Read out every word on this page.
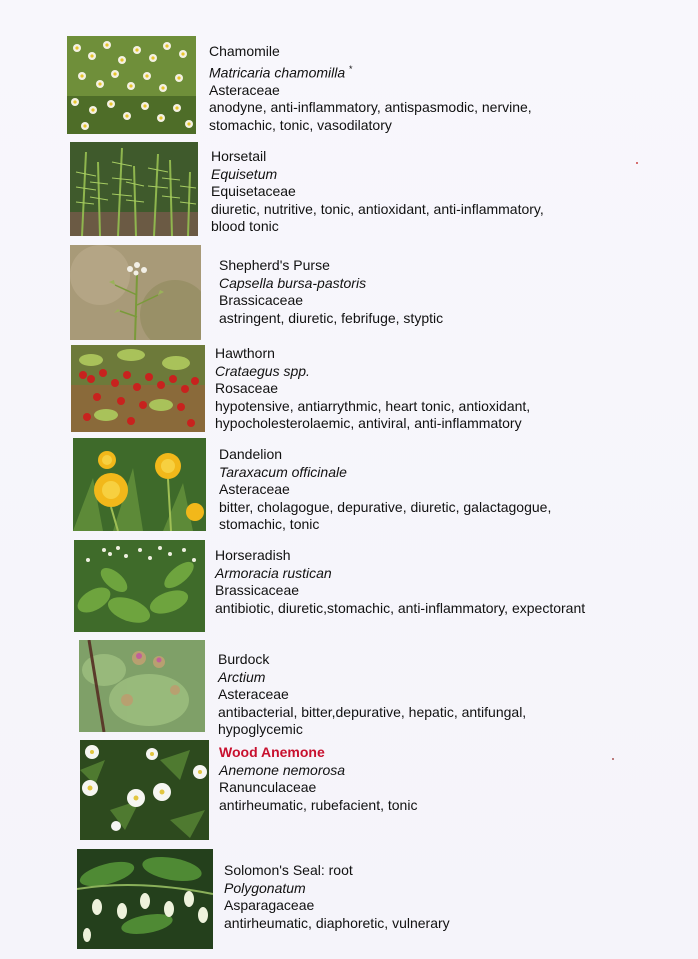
Chamomile
Matricaria chamomilla *
Asteraceae
anodyne, anti-inflammatory, antispasmodic, nervine,
stomachic, tonic, vasodilatory
Horsetail
Equisetum
Equisetaceae
diuretic, nutritive, tonic, antioxidant, anti-inflammatory,
blood tonic
Shepherd's Purse
Capsella bursa-pastoris
Brassicaceae
astringent, diuretic, febrifuge, styptic
Hawthorn
Crataegus spp.
Rosaceae
hypotensive, antiarrythmic, heart tonic, antioxidant,
hypocholesterolaemic, antiviral, anti-inflammatory
Dandelion
Taraxacum officinale
Asteraceae
bitter, cholagogue, depurative, diuretic, galactagogue,
stomachic, tonic
Horseradish
Armoracia rustican
Brassicaceae
antibiotic, diuretic,stomachic, anti-inflammatory, expectorant
Burdock
Arctium
Asteraceae
antibacterial, bitter,depurative, hepatic, antifungal,
hypoglycemic
Wood Anemone
Anemone nemorosa
Ranunculaceae
antirheumatic, rubefacient, tonic
Solomon's Seal: root
Polygonatum
Asparagaceae
antirheumatic, diaphoretic, vulnerary
